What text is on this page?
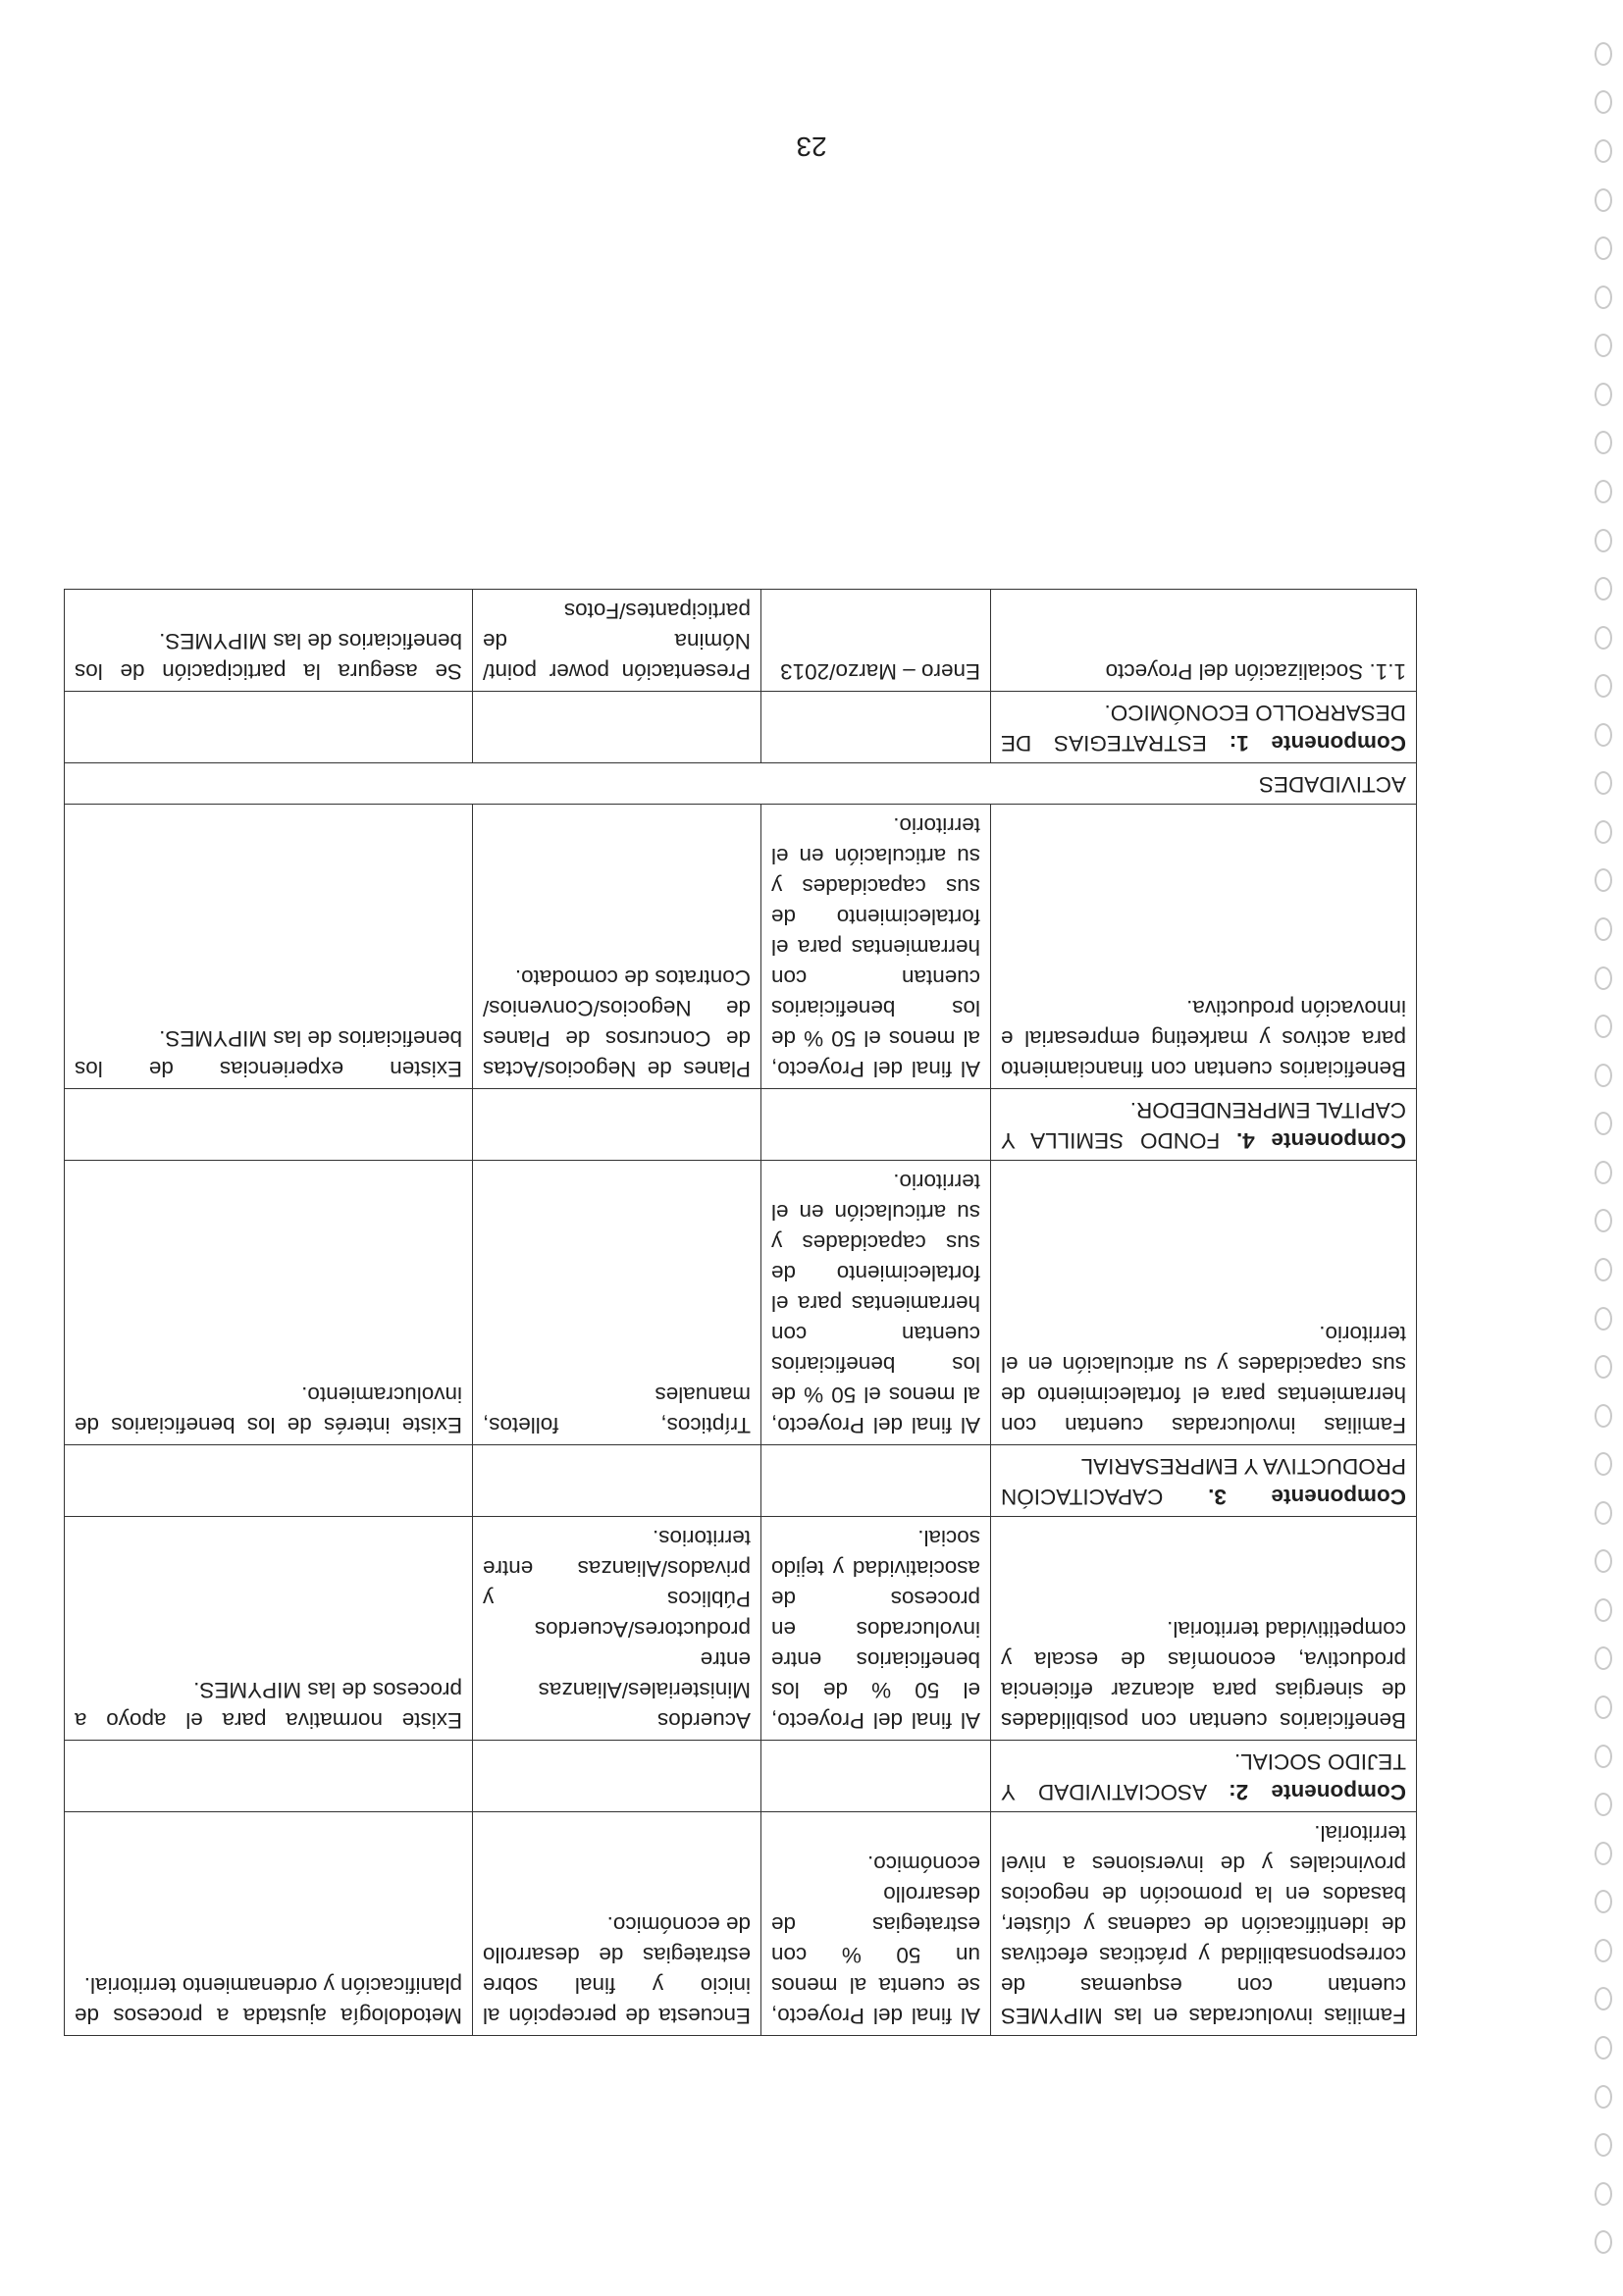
Familias involucradas en las MIPYMES cuentan con esquemas de corresponsabilidad y prácticas efectivas de identificación de cadenas y clúster, basados en la promoción de negocios provinciales y de inversiones a nivel territorial.	Al final del Proyecto, se cuenta al menos un 50 % con estrategias de desarrollo económico.	Encuesta de percepción al inicio y final sobre estrategias de desarrollo de económico.	Metodología ajustada a procesos de planificación y ordenamiento territorial.
Componente 2: ASOCIATIVIDAD Y TEJIDO SOCIAL.			
Beneficiarios cuentan con posibilidades de sinergias para alcanzar eficiencia productiva, economías de escala y competitividad territorial.	Al final del Proyecto, el 50 % de los beneficiarios entre involucrados en procesos de asociatividad y tejido social.	Acuerdos Ministeriales/Alianzas entre productores/Acuerdos Públicos y privados/Alianzas entre territorios.	Existe normativa para el apoyo a procesos de las MIPYMES.
Componente 3. CAPACITACIÓN PRODUCTIVA Y EMPRESARIAL			
Familias involucradas cuentan con herramientas para el fortalecimiento de sus capacidades y su articulación en el territorio.	Al final del Proyecto, al menos el 50 % de los beneficiarios cuentan con herramientas para el fortalecimiento de sus capacidades y su articulación en el territorio.	Trípticos, folletos, manuales	Existe interés de los beneficiarios de involucramiento.
Componente 4. FONDO SEMILLA Y CAPITAL EMPRENDEDOR.			
Beneficiarios cuentan con financiamiento para activos y marketing empresarial e innovación productiva.	Al final del Proyecto, al menos el 50 % de los beneficiarios cuentan con herramientas para el fortalecimiento de sus capacidades y su articulación en el territorio.	Planes de Negocios/Actas de Concursos de Planes de Negocios/Convenios/ Contratos de comodato.	Existen experiencias de los beneficiarios de las MIPYMES.
ACTIVIDADES			
Componente 1: ESTRATEGIAS DE DESARROLLO ECONÓMICO.			
1.1. Socialización del Proyecto	Enero – Marzo/2013	Presentación power point/ Nómina de participantes/Fotos	Se asegura la participación de los beneficiarios de las MIPYMES.
23
